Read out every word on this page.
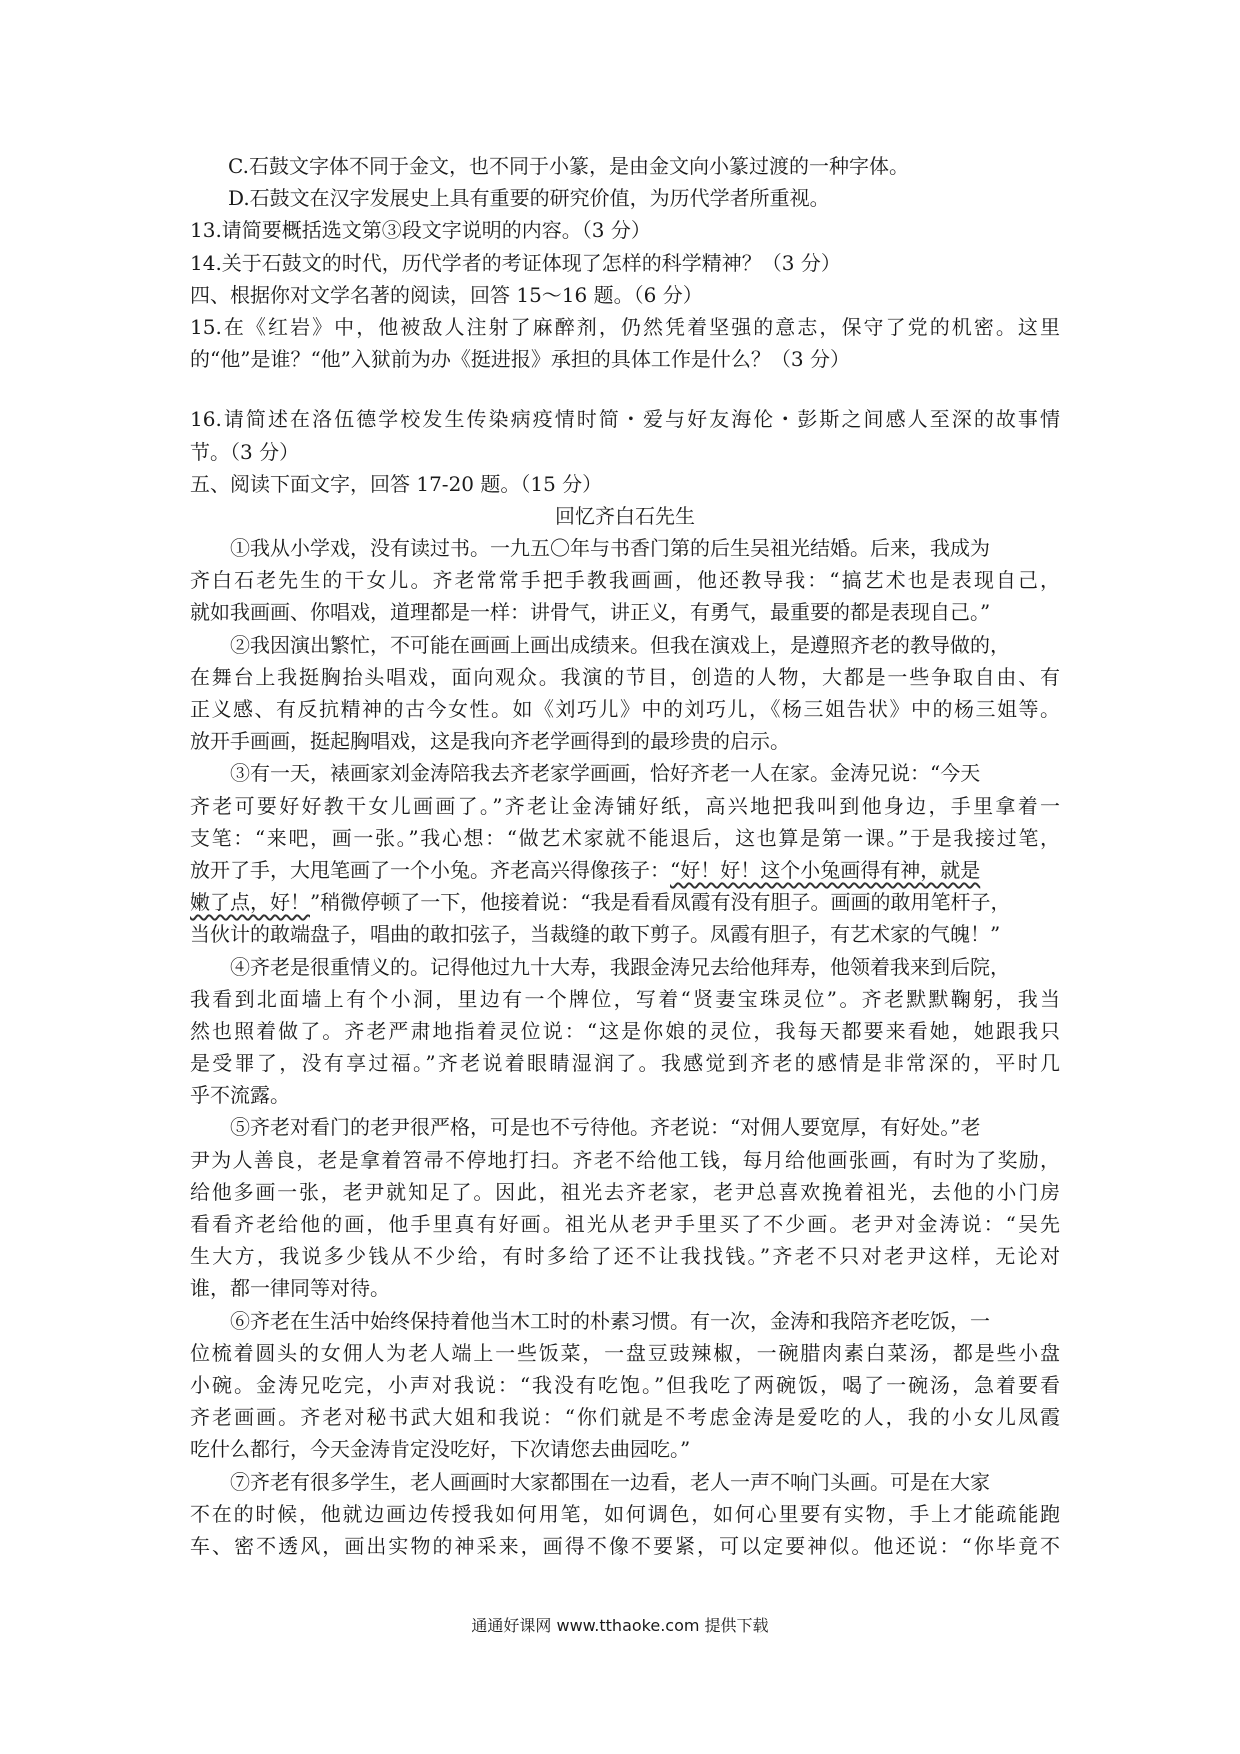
C.石鼓文字体不同于金文，也不同于小篆，是由金文向小篆过渡的一种字体。
D.石鼓文在汉字发展史上具有重要的研究价值，为历代学者所重视。
13.请简要概括选文第③段文字说明的内容。（3 分）
14.关于石鼓文的时代，历代学者的考证体现了怎样的科学精神？（3 分）
四、根据你对文学名著的阅读，回答 15～16 题。（6 分）
15.在《红岩》中，他被敌人注射了麻醉剂，仍然凭着坚强的意志，保守了党的机密。这里
的“他”是谁？“他”入狱前为办《挺进报》承担的具体工作是什么？（3 分）
16.请简述在洛伍德学校发生传染病疫情时简・爱与好友海伦・彭斯之间感人至深的故事情
节。（3 分）
五、阅读下面文字，回答 17-20 题。（15 分）
回忆齐白石先生
①我从小学戏，没有读过书。一九五〇年与书香门第的后生吴祖光结婚。后来，我成为
齐白石老先生的干女儿。齐老常常手把手教我画画，他还教导我：“搞艺术也是表现自己，
就如我画画、你唱戏，道理都是一样：讲骨气，讲正义，有勇气，最重要的都是表现自己。”
②我因演出繁忙，不可能在画画上画出成绩来。但我在演戏上，是遵照齐老的教导做的，
在舞台上我挺胸抬头唱戏，面向观众。我演的节目，创造的人物，大都是一些争取自由、有
正义感、有反抗精神的古今女性。如《刘巧儿》中的刘巧儿，《杨三姐告状》中的杨三姐等。
放开手画画，挺起胸唱戏，这是我向齐老学画得到的最珍贵的启示。
③有一天，裱画家刘金涛陪我去齐老家学画画，恰好齐老一人在家。金涛兄说：“今天
齐老可要好好教干女儿画画了。”齐老让金涛铺好纸，高兴地把我叫到他身边，手里拿着一
支笔：“来吧，画一张。”我心想：“做艺术家就不能退后，这也算是第一课。”于是我接过笔，
放开了手，大甩笔画了一个小兔。齐老高兴得像孩子：“好！好！这个小兔画得有神，就是
嫩了点，好！”稍微停顿了一下，他接着说：“我是看看凤霞有没有胆子。画画的敢用笔杆子，
当伙计的敢端盘子，唱曲的敢扣弦子，当裁缝的敢下剪子。凤霞有胆子，有艺术家的气魄！”
④齐老是很重情义的。记得他过九十大寿，我跟金涛兄去给他拜寿，他领着我来到后院，
我看到北面墙上有个小洞，里边有一个牌位，写着“贤妻宝珠灵位”。齐老默默鞠躬，我当
然也照着做了。齐老严肃地指着灵位说：“这是你娘的灵位，我每天都要来看她，她跟我只
是受罪了，没有享过福。”齐老说着眼睛湿润了。我感觉到齐老的感情是非常深的，平时几
乎不流露。
⑤齐老对看门的老尹很严格，可是也不亏待他。齐老说：“对佣人要宽厚，有好处。”老
尹为人善良，老是拿着笤帚不停地打扫。齐老不给他工钱，每月给他画张画，有时为了奖励，
给他多画一张，老尹就知足了。因此，祖光去齐老家，老尹总喜欢挽着祖光，去他的小门房
看看齐老给他的画，他手里真有好画。祖光从老尹手里买了不少画。老尹对金涛说：“吴先
生大方，我说多少钱从不少给，有时多给了还不让我找钱。”齐老不只对老尹这样，无论对
谁，都一律同等对待。
⑥齐老在生活中始终保持着他当木工时的朴素习惯。有一次，金涛和我陪齐老吃饭，一
位梳着圆头的女佣人为老人端上一些饭菜，一盘豆豉辣椒，一碗腊肉素白菜汤，都是些小盘
小碗。金涛兄吃完，小声对我说：“我没有吃饱。”但我吃了两碗饭，喝了一碗汤，急着要看
齐老画画。齐老对秘书武大姐和我说：“你们就是不考虑金涛是爱吃的人，我的小女儿凤霞
吃什么都行，今天金涛肯定没吃好，下次请您去曲园吃。”
⑦齐老有很多学生，老人画画时大家都围在一边看，老人一声不响门头画。可是在大家
不在的时候，他就边画边传授我如何用笔，如何调色，如何心里要有实物，手上才能疏能跑
车、密不透风，画出实物的神采来，画得不像不要紧，可以定要神似。他还说：“你毕竟不
通通好课网 www.tthaoke.com 提供下载
